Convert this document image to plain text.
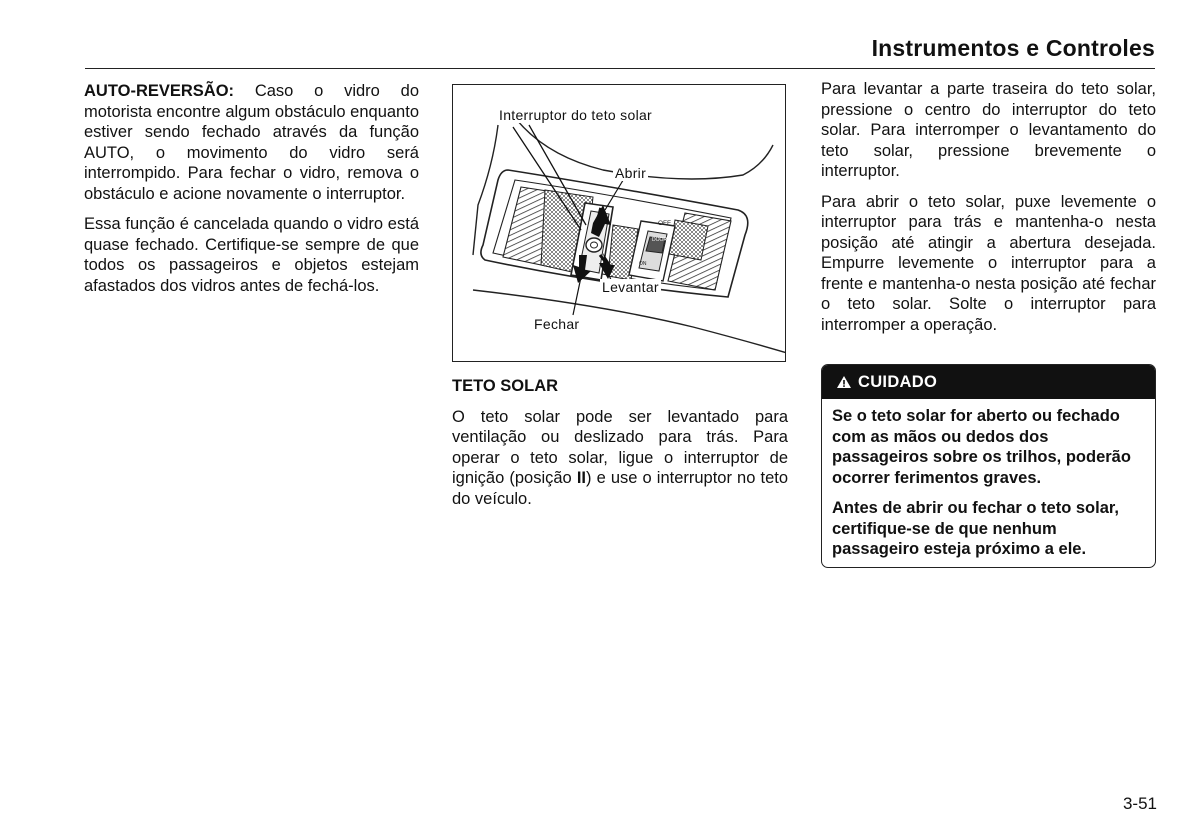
Instrumentos e Controles

AUTO-REVERSÃO: Caso o vidro do motorista encontre algum obstáculo enquanto estiver sendo fechado através da função AUTO, o movimento do vidro será interrompido. Para fechar o vidro, remova o obstáculo e acione novamente o interruptor.

Essa função é cancelada quando o vidro está quase fechado. Certifique-se sempre de que todos os passageiros e objetos estejam afastados dos vidros antes de fechá-los.

OFF
DOOR
ON
Interruptor do teto solar
Abrir
Levantar
Fechar
TETO SOLAR

O teto solar pode ser levantado para ventilação ou deslizado para trás. Para operar o teto solar, ligue o interruptor de ignição (posição II) e use o interruptor no teto do veículo.

Para levantar a parte traseira do teto solar, pressione o centro do interruptor do teto solar. Para interromper o levantamento do teto solar, pressione brevemente o interruptor.

Para abrir o teto solar, puxe levemente o interruptor para trás e mantenha-o nesta posição até atingir a abertura desejada. Empurre levemente o interruptor para a frente e mantenha-o nesta posição até fechar o teto solar. Solte o interruptor para interromper a operação.

CUIDADO

Se o teto solar for aberto ou fechado com as mãos ou dedos dos passageiros sobre os trilhos, poderão ocorrer ferimentos graves.

Antes de abrir ou fechar o teto solar, certifique-se de que nenhum passageiro esteja próximo a ele.

3-51
